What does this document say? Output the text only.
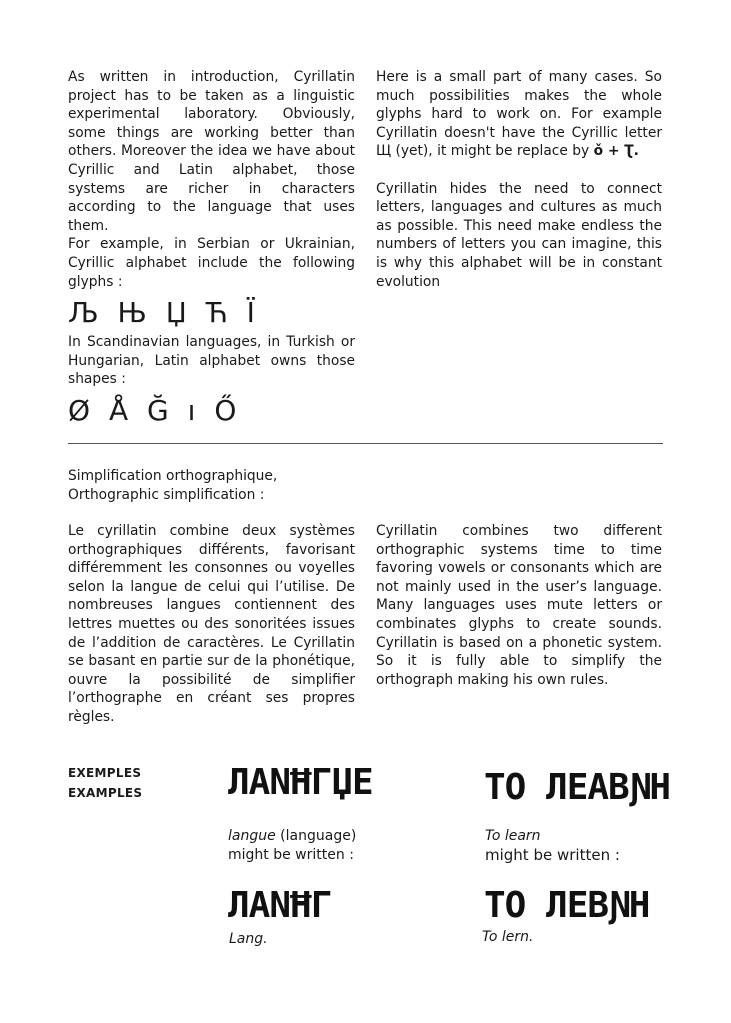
As written in introduction, Cyrillatin project has to be taken as a linguistic experimental laboratory. Obviously, some things are working better than others. Moreover the idea we have about Cyrillic and Latin alphabet, those systems are richer in characters according to the language that uses them.

For example, in Serbian or Ukrainian, Cyrillic alphabet include the following glyphs :

Љ Њ Џ Ћ Ї

In Scandinavian languages, in Turkish or Hungarian, Latin alphabet owns those shapes :

Ø Å Ğ ı Ő

Here is a small part of many cases. So much possibilities makes the whole glyphs hard to work on. For example Cyrillatin doesn't have the Cyrillic letter Щ (yet), it might be replace by ǒ + Ʈ.

Cyrillatin hides the need to connect letters, languages and cultures as much as possible. This need make endless the numbers of letters you can imagine, this is why this alphabet will be in constant evolution

Simplification orthographique,
Orthographic simplification :

Le cyrillatin combine deux systèmes orthographiques différents, favorisant différemment les consonnes ou voyelles selon la langue de celui qui l’utilise. De nombreuses langues contiennent des lettres muettes ou des sonoritées issues de l’addition de caractères. Le Cyrillatin se basant en partie sur de la phonétique, ouvre la possibilité de simplifier l’orthographe en créant ses propres règles.

Cyrillatin combines two different orthographic systems time to time favoring vowels or consonants which are not mainly used in the user’s language. Many languages uses mute letters or combinates glyphs to create sounds. Cyrillatin is based on a phonetic system. So it is fully able to simplify the orthograph making his own rules.

EXEMPLES
EXAMPLES ЛANĦГЏE
langue (language)
might be written :
ЛANĦГ
Lang.
TO ЛEABƝH
To learn
might be written :
TO ЛEBƝH
To lern.
